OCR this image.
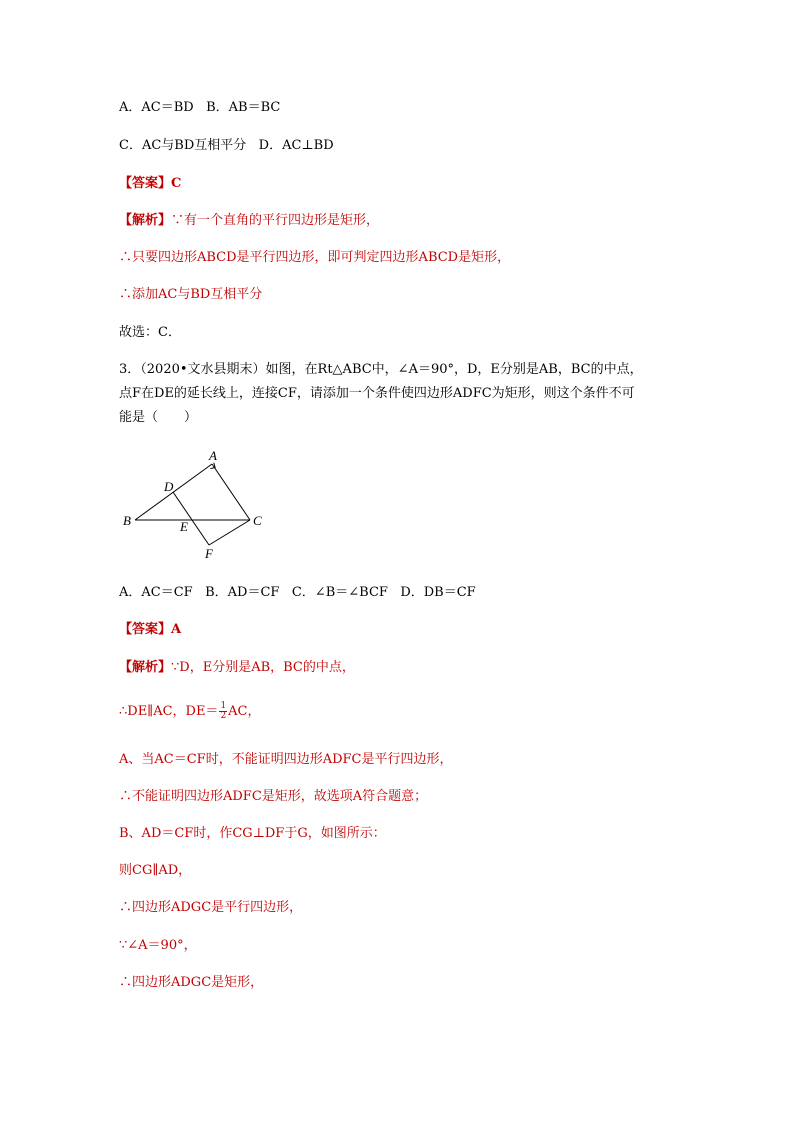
A．AC＝BD B．AB＝BC
C．AC与BD互相平分 D．AC⊥BD
【答案】C
【解析】∵有一个直角的平行四边形是矩形，
∴只要四边形ABCD是平行四边形，即可判定四边形ABCD是矩形，
∴添加AC与BD互相平分
故选：C．
3．（2020•文水县期末）如图，在Rt△ABC中，∠A＝90°，D，E分别是AB，BC的中点，
点F在DE的延长线上，连接CF，请添加一个条件使四边形ADFC为矩形，则这个条件不可
能是（　　）
A
B	C
D
E
F
A．AC＝CF B．AD＝CF C．∠B＝∠BCF D．DB＝CF
【答案】A
【解析】∵D，E分别是AB，BC的中点，
∴DE∥AC，$DE= \frac{1}{2}$ AC，
A、当AC＝CF时，不能证明四边形ADFC是平行四边形，
∴不能证明四边形ADFC是矩形，故选项A符合题意；
B、AD＝CF时，作CG⊥DF于G，如图所示：
则CG∥AD，
∴四边形ADGC是平行四边形，
∵∠A＝90°，
∴四边形ADGC是矩形，
